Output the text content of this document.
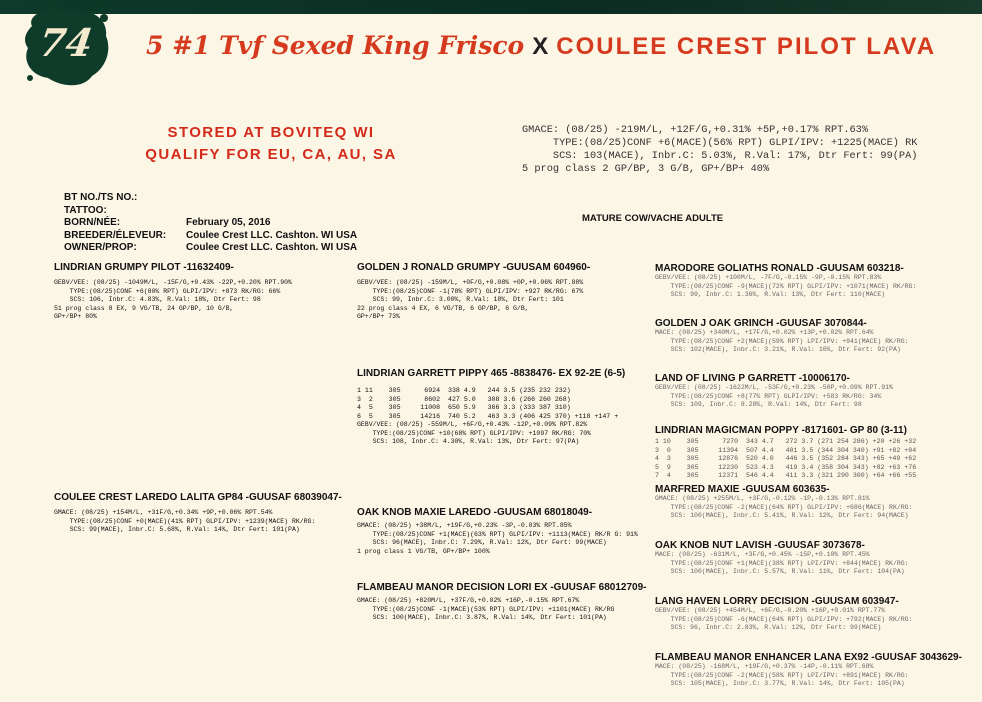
74	5 #1 Tvf Sexed King Frisco X COULEE CREST PILOT LAVA
STORED AT BOVITEQ WI
QUALIFY FOR EU, CA, AU, SA
GMACE: (08/25) -219M/L, +12F/G,+0.31% +5P,+0.17% RPT.63%
TYPE:(08/25)CONF +6(MACE)(56% RPT) GLPI/IPV: +1225(MACE) RK
SCS: 103(MACE), Inbr.C: 5.03%, R.Val: 17%, Dtr Fert: 99(PA)
5 prog class 2 GP/BP, 3 G/B, GP+/BP+ 40%
BT NO./TS NO.:
TATTOO:
BORN/NÉE:	February 05, 2016
BREEDER/ÉLEVEUR:	Coulee Crest LLC. Cashton. WI USA
OWNER/PROP:	Coulee Crest LLC. Cashton. WI USA
MATURE COW/VACHE ADULTE
LINDRIAN GRUMPY PILOT -11632409-
GEBV/VEE: (08/25) -1049M/L, -15F/G,+0.43% -22P,+0.20% RPT.90%
TYPE:(08/25)CONF +6(80% RPT) GLPI/IPV: +873 RK/RG: 66%
SCS: 106, Inbr.C: 4.83%, R.Val: 18%, Dtr Fert: 98
51 prog class 8 EX, 9 VG/TB, 24 GP/BP, 10 G/B,
GP+/BP+ 80%
GOLDEN J RONALD GRUMPY -GUUSAM 604960-
GEBV/VEE: (08/25) -159M/L, +0F/G,+0.08% +0P,+0.06% RPT.88%
TYPE:(08/25)CONF -1(78% RPT) GLPI/IPV: +927 RK/RG: 67%
SCS: 99, Inbr.C: 3.00%, R.Val: 18%, Dtr Fert: 101
22 prog class 4 EX, 6 VG/TB, 6 GP/BP, 6 G/B,
GP+/BP+ 73%
MARODORE GOLIATHS RONALD -GUUSAM 603218-
GEBV/VEE: (08/25) +100M/L, -7F/G,-0.15% -9P,-0.15% RPT.83%
TYPE:(08/25)CONF -9(MACE)(72% RPT) GLPI/IPV: +1071(MACE) RK/RG:
SCS: 99, Inbr.C: 1.36%, R.Val: 13%, Dtr Fert: 110(MACE)
GOLDEN J OAK GRINCH -GUUSAF 3070844-
MACE: (08/25) +340M/L, +17F/G,+0.02% +13P,+0.02% RPT.64%
TYPE:(08/25)CONF +2(MACE)(59% RPT) LPI/IPV: +941(MACE) RK/RG:
SCS: 102(MACE), Inbr.C: 3.21%, R.Val: 16%, Dtr Fert: 92(PA)
LINDRIAN GARRETT PIPPY 465 -8838476- EX 92-2E (6-5)
1 11    305      6924  338 4.9   244 3.5 (235 232 232)
3  2    305      8602  427 5.0   308 3.6 (266 260 268)
4  5    305     11008  650 5.9   366 3.3 (333 387 310)
6  5    305     14216  740 5.2   463 3.3 (406 425 370) +118 +147 +
GEBV/VEE: (08/25) -559M/L, +6F/G,+0.43% -12P,+0.09% RPT.82%
TYPE:(08/25)CONF +10(68% RPT) GLPI/IPV: +1097 RK/RG: 70%
SCS: 108, Inbr.C: 4.30%, R.Val: 13%, Dtr Fert: 97(PA)
LAND OF LIVING P GARRETT -10006170-
GEBV/VEE: (08/25) -1622M/L, -53F/G,+0.23% -50P,+0.09% RPT.91%
TYPE:(08/25)CONF +8(77% RPT) GLPI/IPV: +583 RK/RG: 34%
SCS: 109, Inbr.C: 8.28%, R.Val: 14%, Dtr Fert: 98
LINDRIAN MAGICMAN POPPY -8171601- GP 80 (3-11)
1 10    305      7270  343 4.7   272 3.7 (271 254 286) +20 +26 +32
3  0    305     11394  507 4.4   401 3.5 (344 304 340) +91 +82 +84
4  3    305     12876  520 4.0   446 3.5 (352 284 343) +65 +49 +62
5  9    305     12230  523 4.3   419 3.4 (358 304 343) +82 +63 +76
7  4    305     12371  546 4.4   411 3.3 (321 290 300) +64 +66 +55
COULEE CREST LAREDO LALITA GP84 -GUUSAF 68039047-
GMACE: (08/25) +154M/L, +31F/G,+0.34% +9P,+0.06% RPT.54%
TYPE:(08/25)CONF +0(MACE)(41% RPT) GLPI/IPV: +1239(MACE) RK/RG:
SCS: 99(MACE), Inbr.C: 5.68%, R.Val: 14%, Dtr Fert: 101(PA)
MARFRED MAXIE -GUUSAM 603635-
GMACE: (08/25) +255M/L, +3F/G,-0.12% -1P,-0.13% RPT.81%
TYPE:(08/25)CONF -2(MACE)(64% RPT) GLPI/IPV: +686(MACE) RK/RG:
SCS: 100(MACE), Inbr.C: 5.41%, R.Val: 12%, Dtr Fert: 94(MACE)
OAK KNOB MAXIE LAREDO -GUUSAM 68018049-
GMACE: (08/25) +38M/L, +19F/G,+0.23% -3P,-0.03% RPT.85%
TYPE:(08/25)CONF +1(MACE)(63% RPT) GLPI/IPV: +1113(MACE) RK/R G: 91%
SCS: 96(MACE), Inbr.C: 7.29%, R.Val: 12%, Dtr Fert: 99(MACE)
1 prog class 1 VG/TB, GP+/BP+ 100%	OAK KNOB NUT LAVISH -GUUSAF 3073678-
MACE: (08/25) -631M/L, +3F/G,+0.45% -15P,+0.10% RPT.45%
TYPE:(08/25)CONF +1(MACE)(38% RPT) LPI/IPV: +844(MACE) RK/RG:
SCS: 100(MACE), Inbr.C: 5.57%, R.Val: 11%, Dtr Fert: 104(PA)
FLAMBEAU MANOR DECISION LORI EX -GUUSAF 68012709-
GMACE: (08/25) +820M/L, +37F/G,+0.02% +16P,-0.15% RPT.67%
TYPE:(08/25)CONF -1(MACE)(53% RPT) GLPI/IPV: +1101(MACE) RK/RG
SCS: 100(MACE), Inbr.C: 3.87%, R.Val: 14%, Dtr Fert: 101(PA)
LANG HAVEN LORRY DECISION -GUUSAM 603947-
GEBV/VEE: (08/25) +454M/L, +6F/G,-0.20% +16P,+0.01% RPT.77%
TYPE:(08/25)CONF -6(MACE)(64% RPT) GLPI/IPV: +792(MACE) RK/RG:
SCS: 96, Inbr.C: 2.83%, R.Val: 12%, Dtr Fert: 99(MACE)
FLAMBEAU MANOR ENHANCER LANA EX92 -GUUSAF 3043629-
MACE: (08/25) -168M/L, +19F/G,+0.37% -14P,-0.11% RPT.68%
TYPE:(08/25)CONF -2(MACE)(58% RPT) LPI/IPV: +891(MACE) RK/RG:
SCS: 105(MACE), Inbr.C: 3.77%, R.Val: 14%, Dtr Fert: 105(PA)
